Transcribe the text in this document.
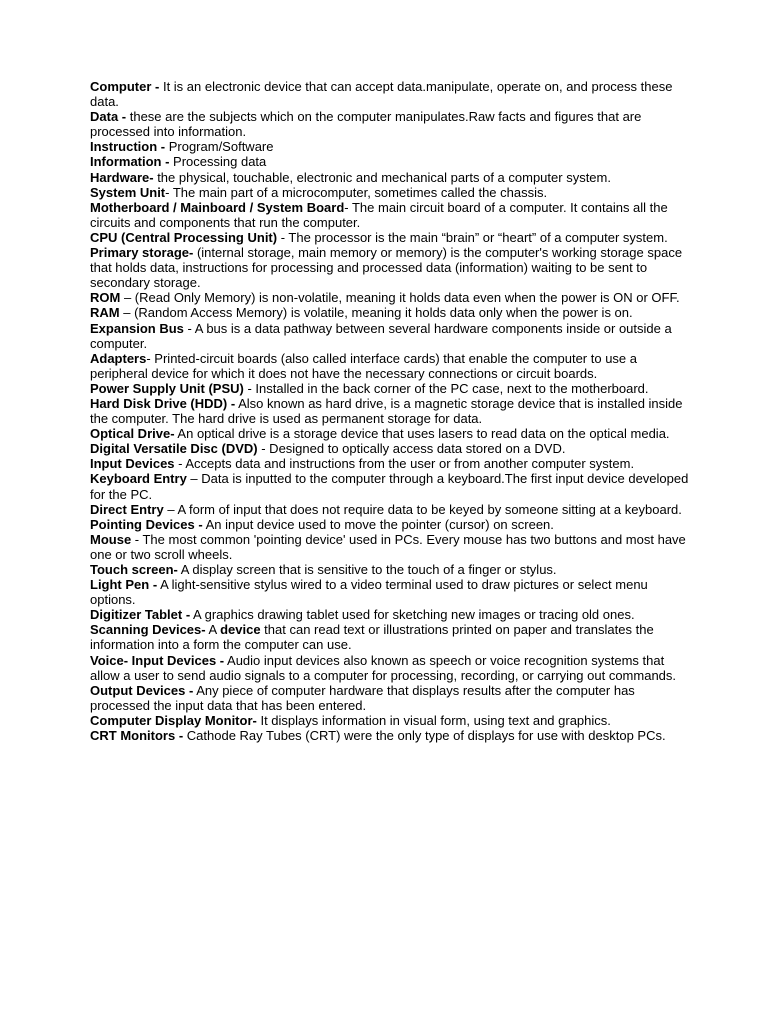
Computer - It is an electronic device that can accept data.manipulate, operate on, and process these data.

Data - these are the subjects which on the computer manipulates.Raw facts and figures that are processed into information.

Instruction - Program/Software

Information - Processing data

Hardware- the physical, touchable, electronic and mechanical parts of a computer system.

System Unit- The main part of a microcomputer, sometimes called the chassis.

Motherboard / Mainboard / System Board- The main circuit board of a computer. It contains all the circuits and components that run the computer.

CPU (Central Processing Unit) - The processor is the main “brain” or “heart” of a computer system.

Primary storage- (internal storage, main memory or memory) is the computer's working storage space that holds data, instructions for processing and processed data (information) waiting to be sent to secondary storage.

ROM – (Read Only Memory) is non-volatile, meaning it holds data even when the power is ON or OFF.

RAM – (Random Access Memory) is volatile, meaning it holds data only when the power is on.

Expansion Bus - A bus is a data pathway between several hardware components inside or outside a computer.

Adapters- Printed-circuit boards (also called interface cards) that enable the computer to use a peripheral device for which it does not have the necessary connections or circuit boards.

Power Supply Unit (PSU) - Installed in the back corner of the PC case, next to the motherboard.

Hard Disk Drive (HDD) - Also known as hard drive, is a magnetic storage device that is installed inside the computer. The hard drive is used as permanent storage for data.

Optical Drive- An optical drive is a storage device that uses lasers to read data on the optical media.

Digital Versatile Disc (DVD) - Designed to optically access data stored on a DVD.

Input Devices - Accepts data and instructions from the user or from another computer system.

Keyboard Entry – Data is inputted to the computer through a keyboard.The first input device developed for the PC.

Direct Entry – A form of input that does not require data to be keyed by someone sitting at a keyboard.

Pointing Devices - An input device used to move the pointer (cursor) on screen.

Mouse - The most common 'pointing device' used in PCs. Every mouse has two buttons and most have one or two scroll wheels.

Touch screen- A display screen that is sensitive to the touch of a finger or stylus.

Light Pen - A light-sensitive stylus wired to a video terminal used to draw pictures or select menu options.

Digitizer Tablet - A graphics drawing tablet used for sketching new images or tracing old ones.

Scanning Devices- A device that can read text or illustrations printed on paper and translates the information into a form the computer can use.

Voice- Input Devices - Audio input devices also known as speech or voice recognition systems that allow a user to send audio signals to a computer for processing, recording, or carrying out commands.

Output Devices - Any piece of computer hardware that displays results after the computer has processed the input data that has been entered.

Computer Display Monitor- It displays information in visual form, using text and graphics.

CRT Monitors - Cathode Ray Tubes (CRT) were the only type of displays for use with desktop PCs.
